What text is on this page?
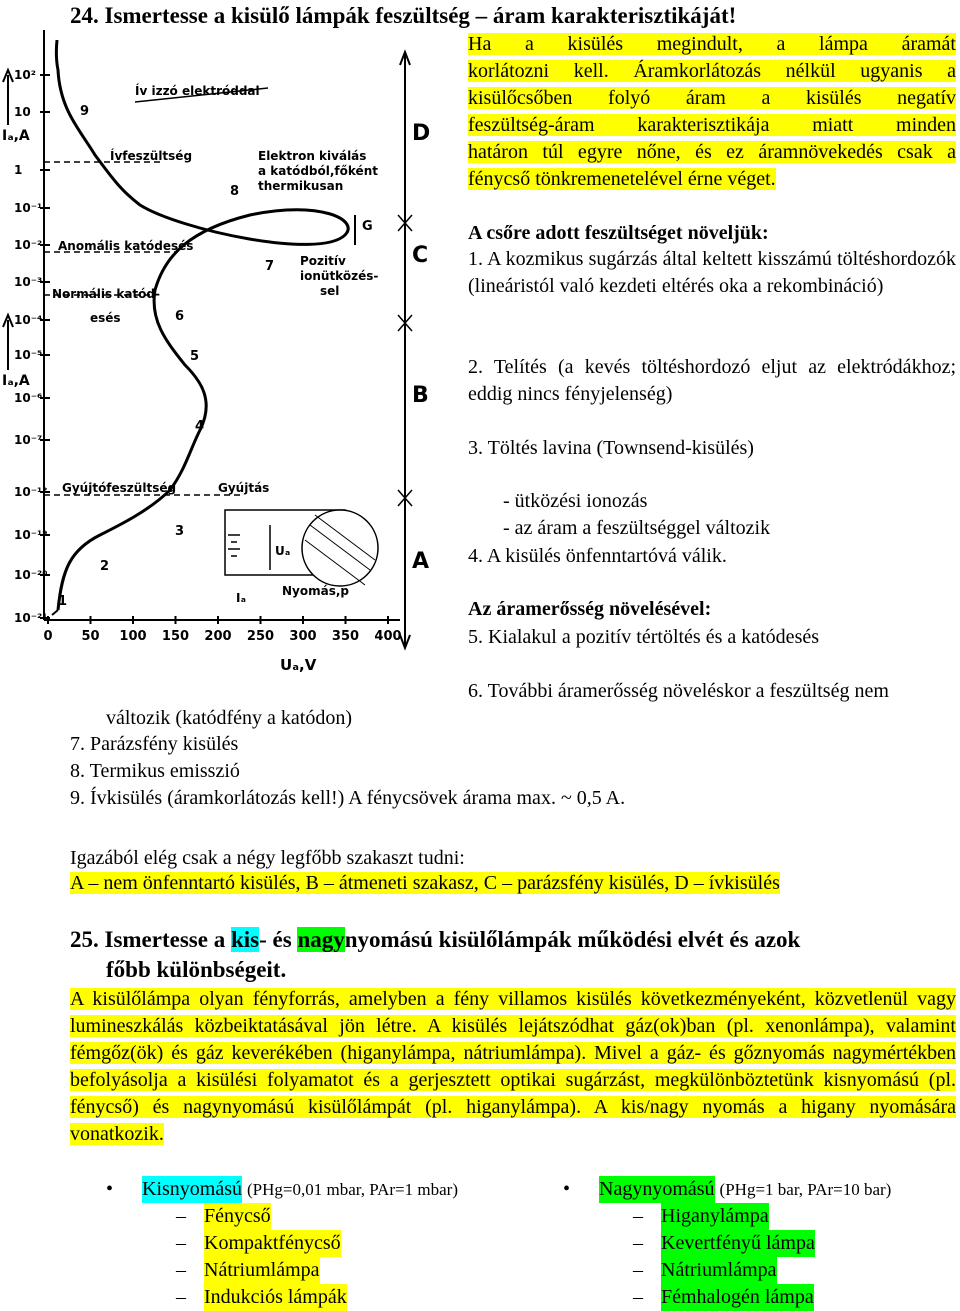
24. Ismertesse a kisülő lámpák feszültség – áram karakterisztikáját!
10²
10
1
10⁻¹
10⁻²
10⁻³
10⁻⁴
10⁻⁵
10⁻⁶
10⁻⁷
10⁻¹²
10⁻¹⁹
10⁻²⁰
10⁻²¹
0 50 100 150 200 250 300 350 400
Iₐ,A
Iₐ,A
Uₐ,V
1
2
3
4
5
6
7
8
9
G
Ív izzó elektróddal
Ívfeszültség	Elektron kiválás
a katódból,főként
thermikusan
Anomális katódesés
Normális katód-
esés
Pozitív
ionütközés-
sel
Gyújtófeszültség	Gyújtás
Nyomás,p
Uₐ
Iₐ
D
C
B
A
Ha a kisülés megindult, a lámpa áramát
korlátozni kell. Áramkorlátozás nélkül ugyanis a
kisülőcsőben folyó áram a kisülés negatív
feszültség-áram karakterisztikája miatt minden
határon túl egyre nőne, és ez áramnövekedés csak a
fénycső tönkremenetelével érne véget.
A csőre adott feszültséget növeljük:
1. A kozmikus sugárzás által keltett kisszámú töltéshordozók (lineáristól való kezdeti eltérés oka a rekombináció)
2. Telítés (a kevés töltéshordozó eljut az elektródákhoz; eddig nincs fényjelenség)
3. Töltés lavina (Townsend-kisülés)
- ütközési ionozás
- az áram a feszültséggel változik
4. A kisülés önfenntartóvá válik.
Az áramerősség növelésével:
5. Kialakul a pozitív tértöltés és a katódesés
6. További áramerősség növeléskor a feszültség nem változik (katódfény a katódon)
7. Parázsfény kisülés
8. Termikus emisszió
9. Ívkisülés (áramkorlátozás kell!) A fénycsövek árama max. ~ 0,5 A.
Igazából elég csak a négy legfőbb szakaszt tudni:
A – nem önfenntartó kisülés, B – átmeneti szakasz, C – parázsfény kisülés, D – ívkisülés
25. Ismertesse a kis- és nagynyomású kisülőlámpák működési elvét és azok
főbb különbségeit.
A kisülőlámpa olyan fényforrás, amelyben a fény villamos kisülés következményeként, közvetlenül vagy lumineszkálás közbeiktatásával jön létre. A kisülés lejátszódhat gáz(ok)ban (pl. xenonlámpa), valamint fémgőz(ök) és gáz keverékében (higanylámpa, nátriumlámpa). Mivel a gáz- és gőznyomás nagymértékben befolyásolja a kisülési folyamatot és a gerjesztett optikai sugárzást, megkülönböztetünk kisnyomású (pl. fénycső) és nagynyomású kisülőlámpát (pl. higanylámpa). A kis/nagy nyomás a higany nyomására vonatkozik.
•	Kisnyomású
(PHg=0,01 mbar, PAr=1 mbar)
– Fénycső
– Kompaktfénycső
– Nátriumlámpa
– Indukciós lámpák
•	Nagynyomású
(PHg=1 bar, PAr=10 bar)
– Higanylámpa
– Kevertfényű lámpa
– Nátriumlámpa
– Fémhalogén lámpa
